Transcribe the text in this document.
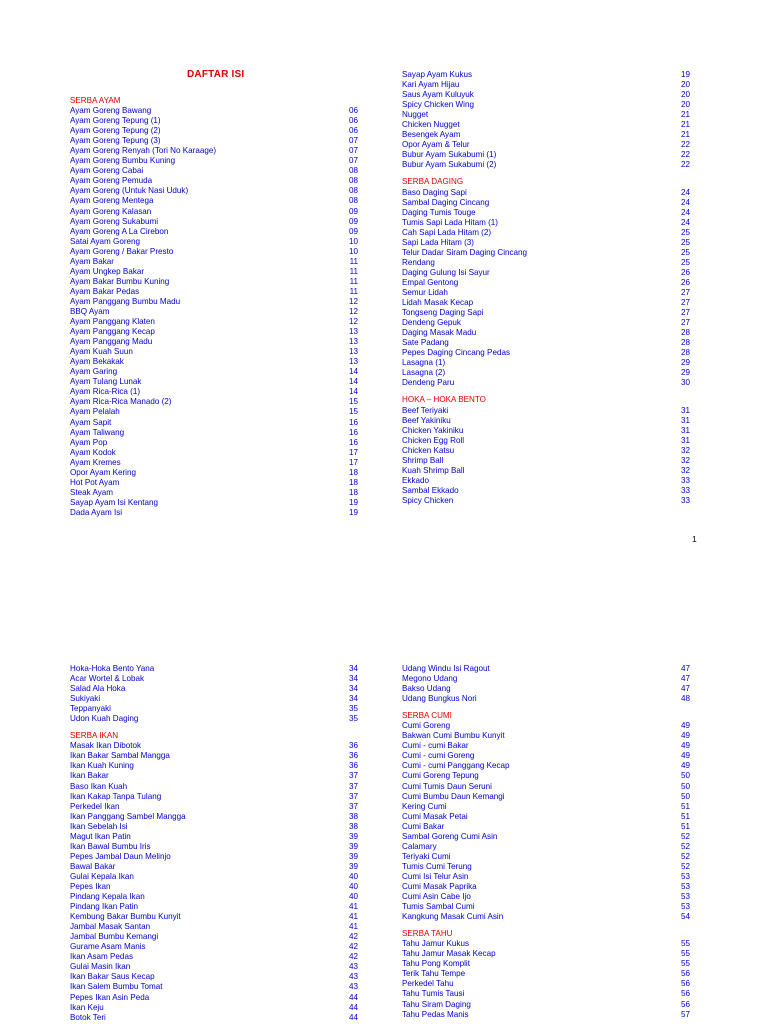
DAFTAR ISI
SERBA AYAM
Ayam Goreng Bawang	06
Ayam Goreng Tepung (1)	06
Ayam Goreng Tepung (2)	06
Ayam Goreng Tepung (3)	07
Ayam Goreng Renyah (Tori No Karaage)	07
Ayam Goreng Bumbu Kuning	07
Ayam Goreng Cabai	08
Ayam Goreng Pemuda	08
Ayam Goreng (Untuk Nasi Uduk)	08
Ayam Goreng Mentega	08
Ayam Goreng Kalasan	09
Ayam Goreng Sukabumi	09
Ayam Goreng A La Cirebon	09
Satai Ayam Goreng	10
Ayam Goreng / Bakar Presto	10
Ayam Bakar	11
Ayam Ungkep Bakar	11
Ayam Bakar Bumbu Kuning	11
Ayam Bakar Pedas	11
Ayam Panggang Bumbu Madu	12
BBQ Ayam	12
Ayam Panggang Klaten	12
Ayam Panggang Kecap	13
Ayam Panggang Madu	13
Ayam Kuah Suun	13
Ayam Bekakak	13
Ayam Garing	14
Ayam Tulang Lunak	14
Ayam Rica-Rica (1)	14
Ayam Rica-Rica Manado (2)	15
Ayam Pelalah	15
Ayam Sapit	16
Ayam Taliwang	16
Ayam Pop	16
Ayam Kodok	17
Ayam Kremes	17
Opor Ayam Kering	18
Hot Pot Ayam	18
Steak Ayam	18
Sayap Ayam Isi Kentang	19
Dada Ayam Isi	19
Sayap Ayam Kukus	19
Kari Ayam Hijau	20
Saus Ayam Kuluyuk	20
Spicy Chicken Wing	20
Nugget	21
Chicken Nugget	21
Besengek Ayam	21
Opor Ayam & Telur	22
Bubur Ayam Sukabumi (1)	22
Bubur Ayam Sukabumi (2)	22
SERBA DAGING
Baso Daging Sapi	24
Sambal Daging Cincang	24
Daging Tumis Touge	24
Tumis Sapi Lada Hitam (1)	24
Cah Sapi Lada Hitam (2)	25
Sapi Lada Hitam (3)	25
Telur Dadar Siram Daging Cincang	25
Rendang	25
Daging Gulung Isi Sayur	26
Empal Gentong	26
Semur Lidah	27
Lidah Masak Kecap	27
Tongseng Daging Sapi	27
Dendeng Gepuk	27
Daging Masak Madu	28
Sate Padang	28
Pepes Daging Cincang Pedas	28
Lasagna (1)	29
Lasagna (2)	29
Dendeng Paru	30
HOKA – HOKA BENTO
Beef Teriyaki	31
Beef Yakiniku	31
Chicken Yakiniku	31
Chicken Egg Roll	31
Chicken Katsu	32
Shrimp Ball	32
Kuah Shrimp Ball	32
Ekkado	33
Sambal Ekkado	33
Spicy Chicken	33
1
Hoka-Hoka Bento Yana	34
Acar Wortel & Lobak	34
Salad Ala Hoka	34
Sukiyaki	34
Teppanyaki	35
Udon Kuah Daging	35
SERBA IKAN
Masak Ikan Dibotok	36
Ikan Bakar Sambal Mangga	36
Ikan Kuah Kuning	36
Ikan Bakar	37
Baso Ikan Kuah	37
Ikan Kakap Tanpa Tulang	37
Perkedel Ikan	37
Ikan Panggang Sambel Mangga	38
Ikan Sebelah Isi	38
Magut Ikan Patin	39
Ikan Bawal Bumbu Iris	39
Pepes Jambal Daun Melinjo	39
Bawal Bakar	39
Gulai Kepala Ikan	40
Pepes Ikan	40
Pindang Kepala Ikan	40
Pindang Ikan Patin	41
Kembung Bakar Bumbu Kunyit	41
Jambal Masak Santan	41
Jambal Bumbu Kemangi	42
Gurame Asam Manis	42
Ikan Asam Pedas	42
Gulai Masin Ikan	43
Ikan Bakar Saus Kecap	43
Ikan Salem Bumbu Tomat	43
Pepes Ikan Asin Peda	44
Ikan Keju	44
Botok Teri	44
Udang Windu Isi Ragout	47
Megono Udang	47
Bakso Udang	47
Udang Bungkus Nori	48
SERBA CUMI
Cumi Goreng	49
Bakwan Cumi Bumbu Kunyit	49
Cumi - cumi Bakar	49
Cumi - cumi Goreng	49
Cumi - cumi Panggang Kecap	49
Cumi Goreng Tepung	50
Cumi Tumis Daun Seruni	50
Cumi Bumbu Daun Kemangi	50
Kering Cumi	51
Cumi Masak Petai	51
Cumi Bakar	51
Sambal Goreng Cumi Asin	52
Calamary	52
Teriyaki Cumi	52
Tumis Cumi Terung	52
Cumi Isi Telur Asin	53
Cumi Masak Paprika	53
Cumi Asin Cabe Ijo	53
Tumis Sambal Cumi	53
Kangkung Masak Cumi Asin	54
SERBA TAHU
Tahu Jamur Kukus	55
Tahu Jamur Masak Kecap	55
Tahu Pong Komplit	55
Terik Tahu Tempe	56
Perkedel Tahu	56
Tahu Tumis Tausi	56
Tahu Siram Daging	56
Tahu Pedas Manis	57
